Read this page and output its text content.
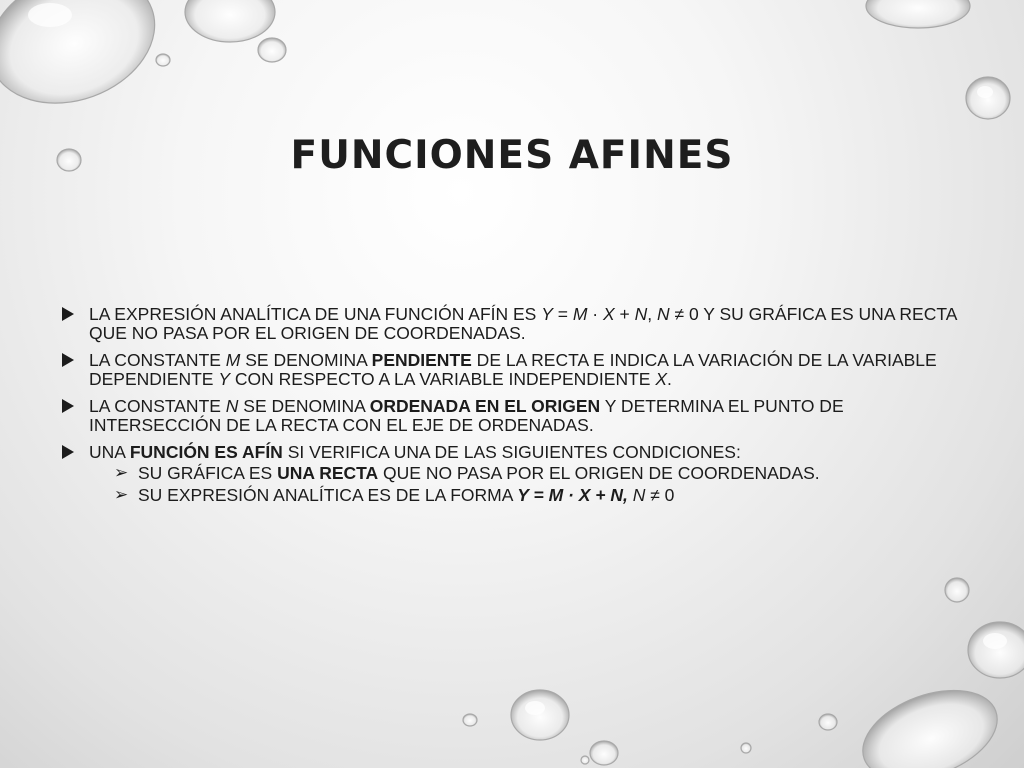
FUNCIONES AFINES
LA EXPRESIÓN ANALÍTICA DE UNA FUNCIÓN AFÍN ES Y = M · X + N, N ≠ 0 Y SU GRÁFICA ES UNA RECTA QUE NO PASA POR EL ORIGEN DE COORDENADAS.
LA CONSTANTE M SE DENOMINA PENDIENTE DE LA RECTA E INDICA LA VARIACIÓN DE LA VARIABLE DEPENDIENTE Y CON RESPECTO A LA VARIABLE INDEPENDIENTE X.
LA CONSTANTE N SE DENOMINA ORDENADA EN EL ORIGEN Y DETERMINA EL PUNTO DE INTERSECCIÓN DE LA RECTA CON EL EJE DE ORDENADAS.
UNA FUNCIÓN ES AFÍN SI VERIFICA UNA DE LAS SIGUIENTES CONDICIONES:
➢ SU GRÁFICA ES UNA RECTA QUE NO PASA POR EL ORIGEN DE COORDENADAS.
➢ SU EXPRESIÓN ANALÍTICA ES DE LA FORMA Y = M · X + N, N ≠ 0
